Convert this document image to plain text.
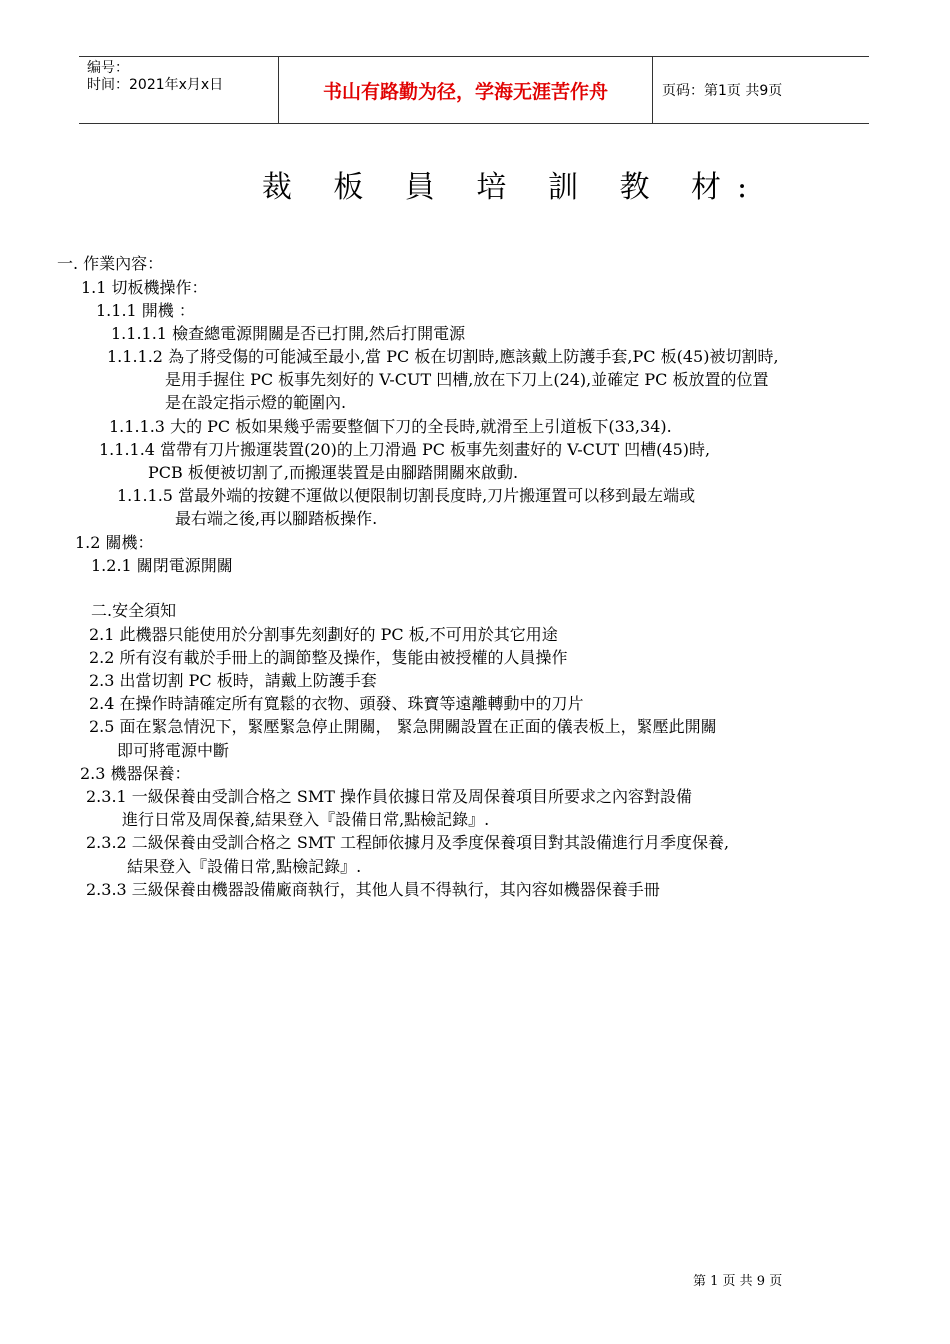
编号：
时间：2021年x月x日	书山有路勤为径，学海无涯苦作舟	页码：第1页 共9页
裁 板 員 培 訓 教 材:
一. 作業內容：
1.1 切板機操作：
1.1.1 開機 ：
1.1.1.1 檢查總電源開關是否已打開,然后打開電源
1.1.1.2 為了將受傷的可能減至最小,當 PC 板在切割時,應該戴上防護手套,PC 板(45)被切割時,
是用手握住 PC 板事先刻好的 V-CUT 凹槽,放在下刀上(24),並確定 PC 板放置的位置
是在設定指示燈的範圍內.
1.1.1.3 大的 PC 板如果幾乎需要整個下刀的全長時,就滑至上引道板下(33,34).
1.1.1.4 當帶有刀片搬運裝置(20)的上刀滑過 PC 板事先刻畫好的 V-CUT 凹槽(45)時,
PCB 板便被切割了,而搬運裝置是由腳踏開關來啟動.
1.1.1.5 當最外端的按鍵不運做以便限制切割長度時,刀片搬運置可以移到最左端或
最右端之後,再以腳踏板操作.
1.2 關機：
1.2.1 關閉電源開關
二.安全須知
2.1 此機器只能使用於分割事先刻劃好的 PC 板,不可用於其它用途
2.2 所有沒有載於手冊上的調節整及操作，隻能由被授權的人員操作
2.3 出當切割 PC 板時，請戴上防護手套
2.4 在操作時請確定所有寬鬆的衣物、頭發、珠寶等遠離轉動中的刀片
2.5 面在緊急情況下，緊壓緊急停止開關， 緊急開關設置在正面的儀表板上，緊壓此開關
即可將電源中斷
2.3 機器保養：
2.3.1 一級保養由受訓合格之 SMT 操作員依據日常及周保養項目所要求之內容對設備
進行日常及周保養,結果登入『設備日常,點檢記錄』.
2.3.2 二級保養由受訓合格之 SMT 工程師依據月及季度保養項目對其設備進行月季度保養,
結果登入『設備日常,點檢記錄』.
2.3.3 三級保養由機器設備廠商執行，其他人員不得執行，其內容如機器保養手冊
第 1 页 共 9 页
